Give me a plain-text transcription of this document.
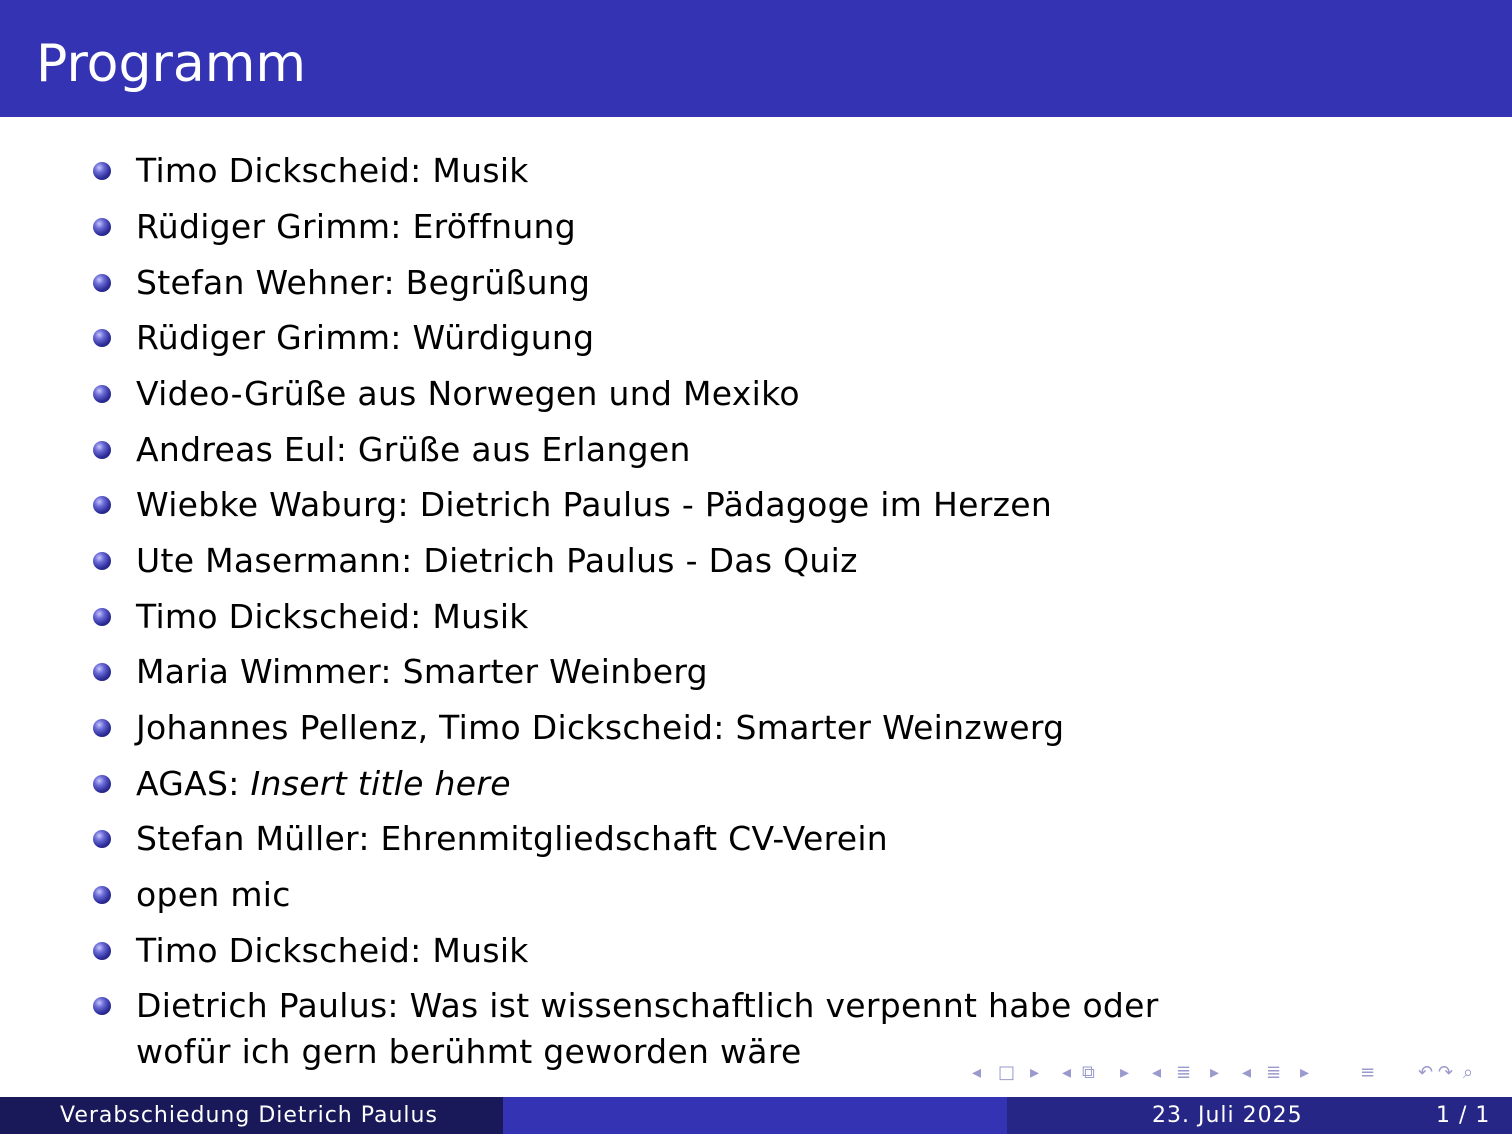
Programm
Timo Dickscheid: Musik
Rüdiger Grimm: Eröffnung
Stefan Wehner: Begrüßung
Rüdiger Grimm: Würdigung
Video-Grüße aus Norwegen und Mexiko
Andreas Eul: Grüße aus Erlangen
Wiebke Waburg: Dietrich Paulus - Pädagoge im Herzen
Ute Masermann: Dietrich Paulus - Das Quiz
Timo Dickscheid: Musik
Maria Wimmer: Smarter Weinberg
Johannes Pellenz, Timo Dickscheid: Smarter Weinzwerg
AGAS: Insert title here
Stefan Müller: Ehrenmitgliedschaft CV-Verein
open mic
Timo Dickscheid: Musik
Dietrich Paulus: Was ist wissenschaftlich verpennt habe oder
wofür ich gern berühmt geworden wäre
◂ □ ▸ ◂ ⧉ ▸ ◂ ≣ ▸ ◂ ≣ ▸	≡ ↶ ↷ ⌕
Verabschiedung Dietrich Paulus	23. Juli 2025	1 / 1
